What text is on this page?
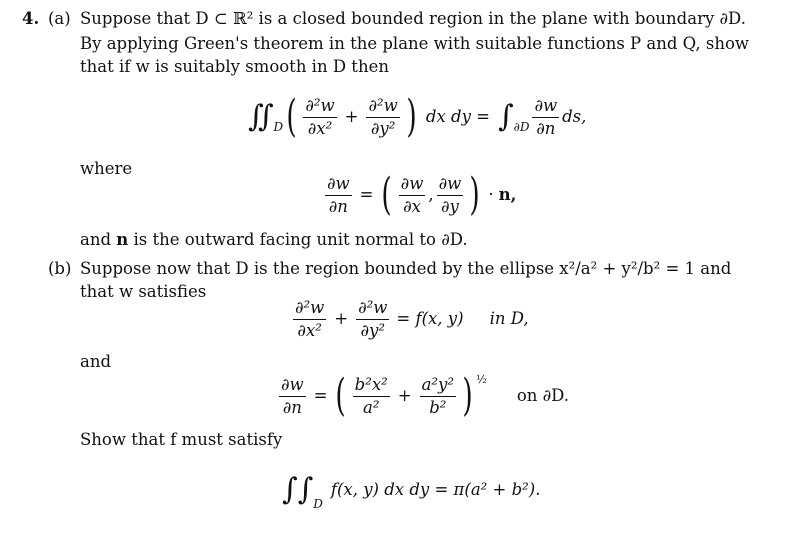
4. (a) Suppose that D ⊂ ℝ² is a closed bounded region in the plane with boundary ∂D.
By applying Green's theorem in the plane with suitable functions P and Q, show
that if w is suitably smooth in D then
∬ D ( $\frac{\text{∂²w}}{\text{∂x²}} + \frac{\text{∂²w}}{\text{∂y²}}$ ) dx dy = ∫ $\partial D \frac{\partial w}{\partial n}$ ds,
where
$\frac{\partial w}{\partial n}$ = ( $\frac{\partial w}{\partial x}$ , $\frac{\partial w}{\partial y}$ ) · n,
and n is the outward facing unit normal to ∂D.
(b) Suppose now that D is the region bounded by the ellipse x²/a² + y²/b² = 1 and
that w satisfies
$\frac{\text{∂²w}}{\text{∂x²}} + \frac{\text{∂²w}}{\text{∂y²}} = f(x$, y) in D,
and
$\frac{\partial w}{\partial n}$ = ( $\frac{\text{b²x²}}{\text{a²}} + \frac{\text{a²y²}}{\text{b²}}$ ) ½
on ∂D.
Show that f must satisfy
∫∫ D
f(x, y) dx dy = π(a² + b²).
